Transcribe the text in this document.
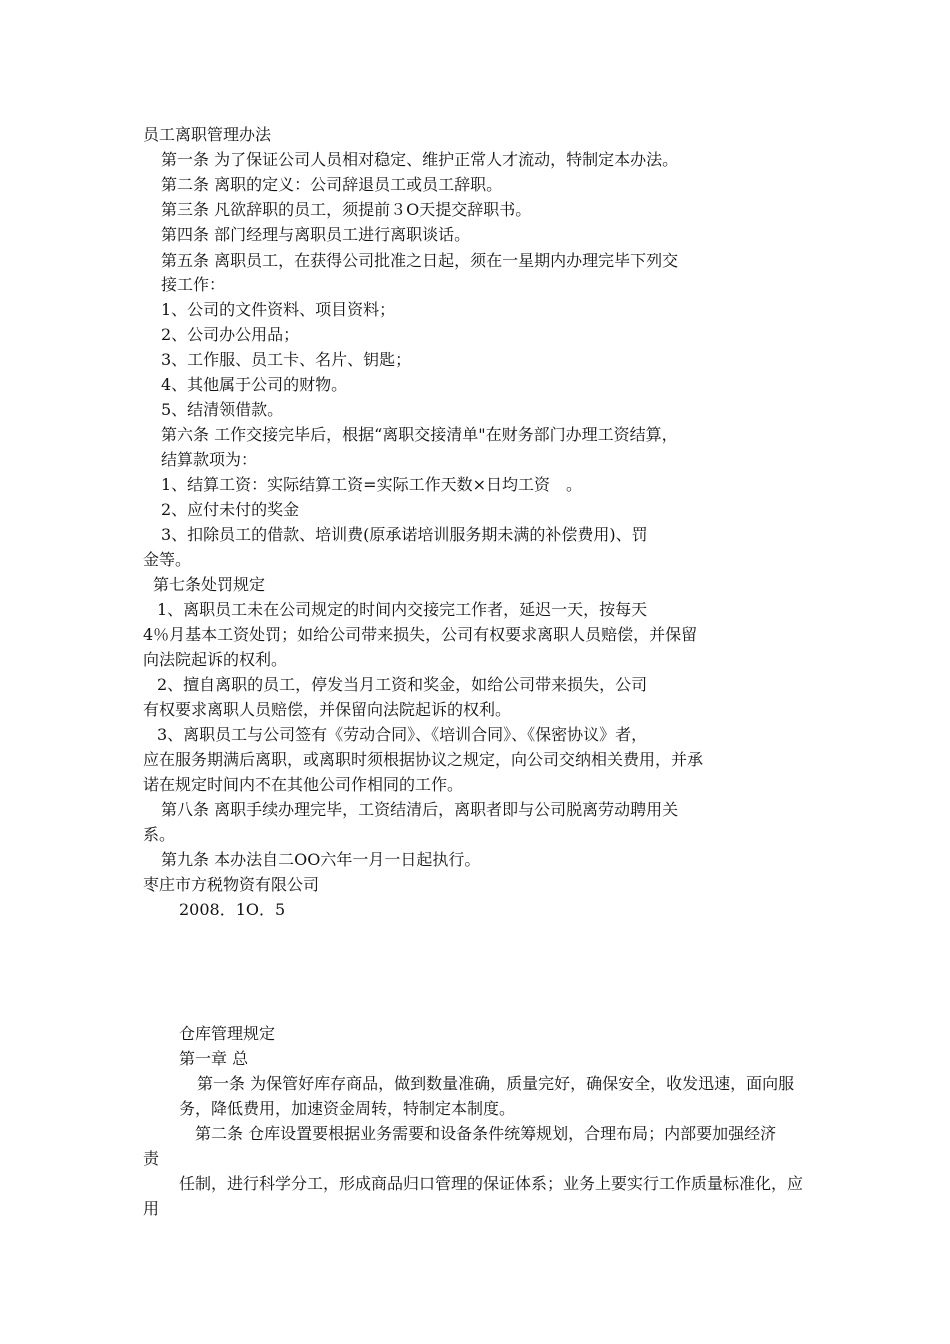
员工离职管理办法

第一条 为了保证公司人员相对稳定、维护正常人才流动，特制定本办法。

第二条 离职的定义：公司辞退员工或员工辞职。

第三条 凡欲辞职的员工，须提前３O天提交辞职书。

第四条 部门经理与离职员工进行离职谈话。

第五条 离职员工，在获得公司批准之日起，须在一星期内办理完毕下列交

接工作：

1、公司的文件资料、项目资料；

2、公司办公用品；

3、工作服、员工卡、名片、钥匙；

4、其他属于公司的财物。

5、结清领借款。

第六条 工作交接完毕后，根据“离职交接清单"在财务部门办理工资结算，

结算款项为：

1、结算工资：实际结算工资=实际工作天数×日均工资　。

2、应付未付的奖金

3、扣除员工的借款、培训费(原承诺培训服务期未满的补偿费用)、罚

金等。

第七条处罚规定

1、离职员工未在公司规定的时间内交接完工作者，延迟一天，按每天

4％月基本工资处罚；如给公司带来损失，公司有权要求离职人员赔偿，并保留

向法院起诉的权利。

2、擅自离职的员工，停发当月工资和奖金，如给公司带来损失，公司

有权要求离职人员赔偿，并保留向法院起诉的权利。

3、离职员工与公司签有《劳动合同》、《培训合同》、《保密协议》者，

应在服务期满后离职，或离职时须根据协议之规定，向公司交纳相关费用，并承

诺在规定时间内不在其他公司作相同的工作。

第八条 离职手续办理完毕，工资结清后，离职者即与公司脱离劳动聘用关

系。

第九条 本办法自二OO六年一月一日起执行。

枣庄市方税物资有限公司

2008．1O．5

仓库管理规定

第一章 总

第一条 为保管好库存商品，做到数量准确，质量完好，确保安全，收发迅速，面向服

务，降低费用，加速资金周转，特制定本制度。

第二条 仓库设置要根据业务需要和设备条件统筹规划，合理布局；内部要加强经济

责

任制，进行科学分工，形成商品归口管理的保证体系；业务上要实行工作质量标准化，应

用
